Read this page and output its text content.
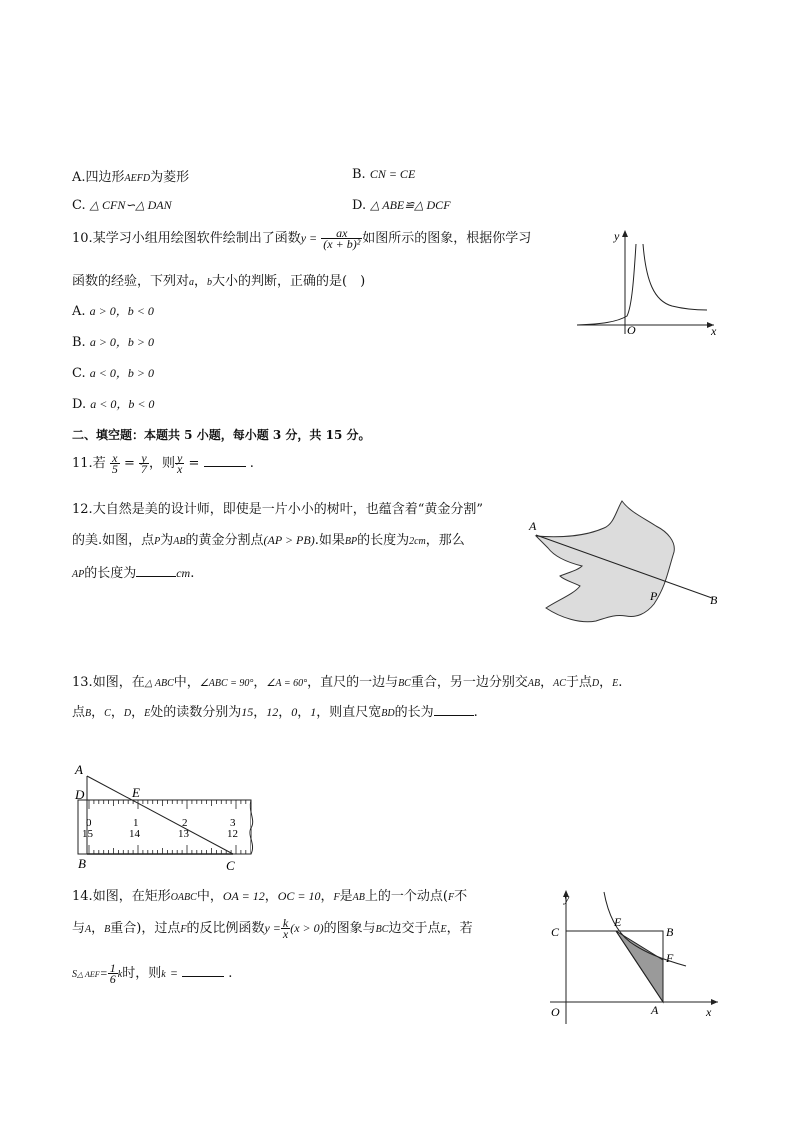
A.四边形AEFD为菱形	B. CN = CE
C. △ CFN∽△ DAN	D. △ ABE≌△ DCF
10.某学习小组用绘图软件绘制出了函数$y = \frac{ax}{\text{(x + b)²}}$ 如图所示的图象，根据你学习
函数的经验，下列对a，b大小的判断，正确的是(　)
A. a > 0，b < 0
B. a > 0，b > 0
C. a < 0，b > 0
D. a < 0，b < 0
y
x
O
二、填空题：本题共 5 小题，每小题 3 分，共 15 分。
11.若 $\frac{x}{5} = \frac{y}{7}$ ，则 $\frac{y}{x}$ =	.
12.大自然是美的设计师，即使是一片小小的树叶，也蕴含着“黄金分割”
的美.如图，点P为AB的黄金分割点(AP > PB).如果BP的长度为2cm，那么
AP的长度为	cm.
A
B
P
13.如图，在△ ABC中，∠ABC = 90°，∠A = 60°，直尺的一边与BC重合，另一边分别交AB，AC于点D，E.
点B，C，D，E处的读数分别为15，12，0，1，则直尺宽BD的长为	.
A
D	E
B	C
0	1	2	3
15	14	13	12
14.如图，在矩形OABC中，OA = 12，OC = 10，F是AB上的一个动点(F不
与A，B重合)，过点F的反比例函数$y = \frac{k}{x} (x > 0)$的图象与BC边交于点E，若
S△ $AEF= \frac{1}{6}$ k时，则k =	.
y
x
O	A
B
C
E
F
